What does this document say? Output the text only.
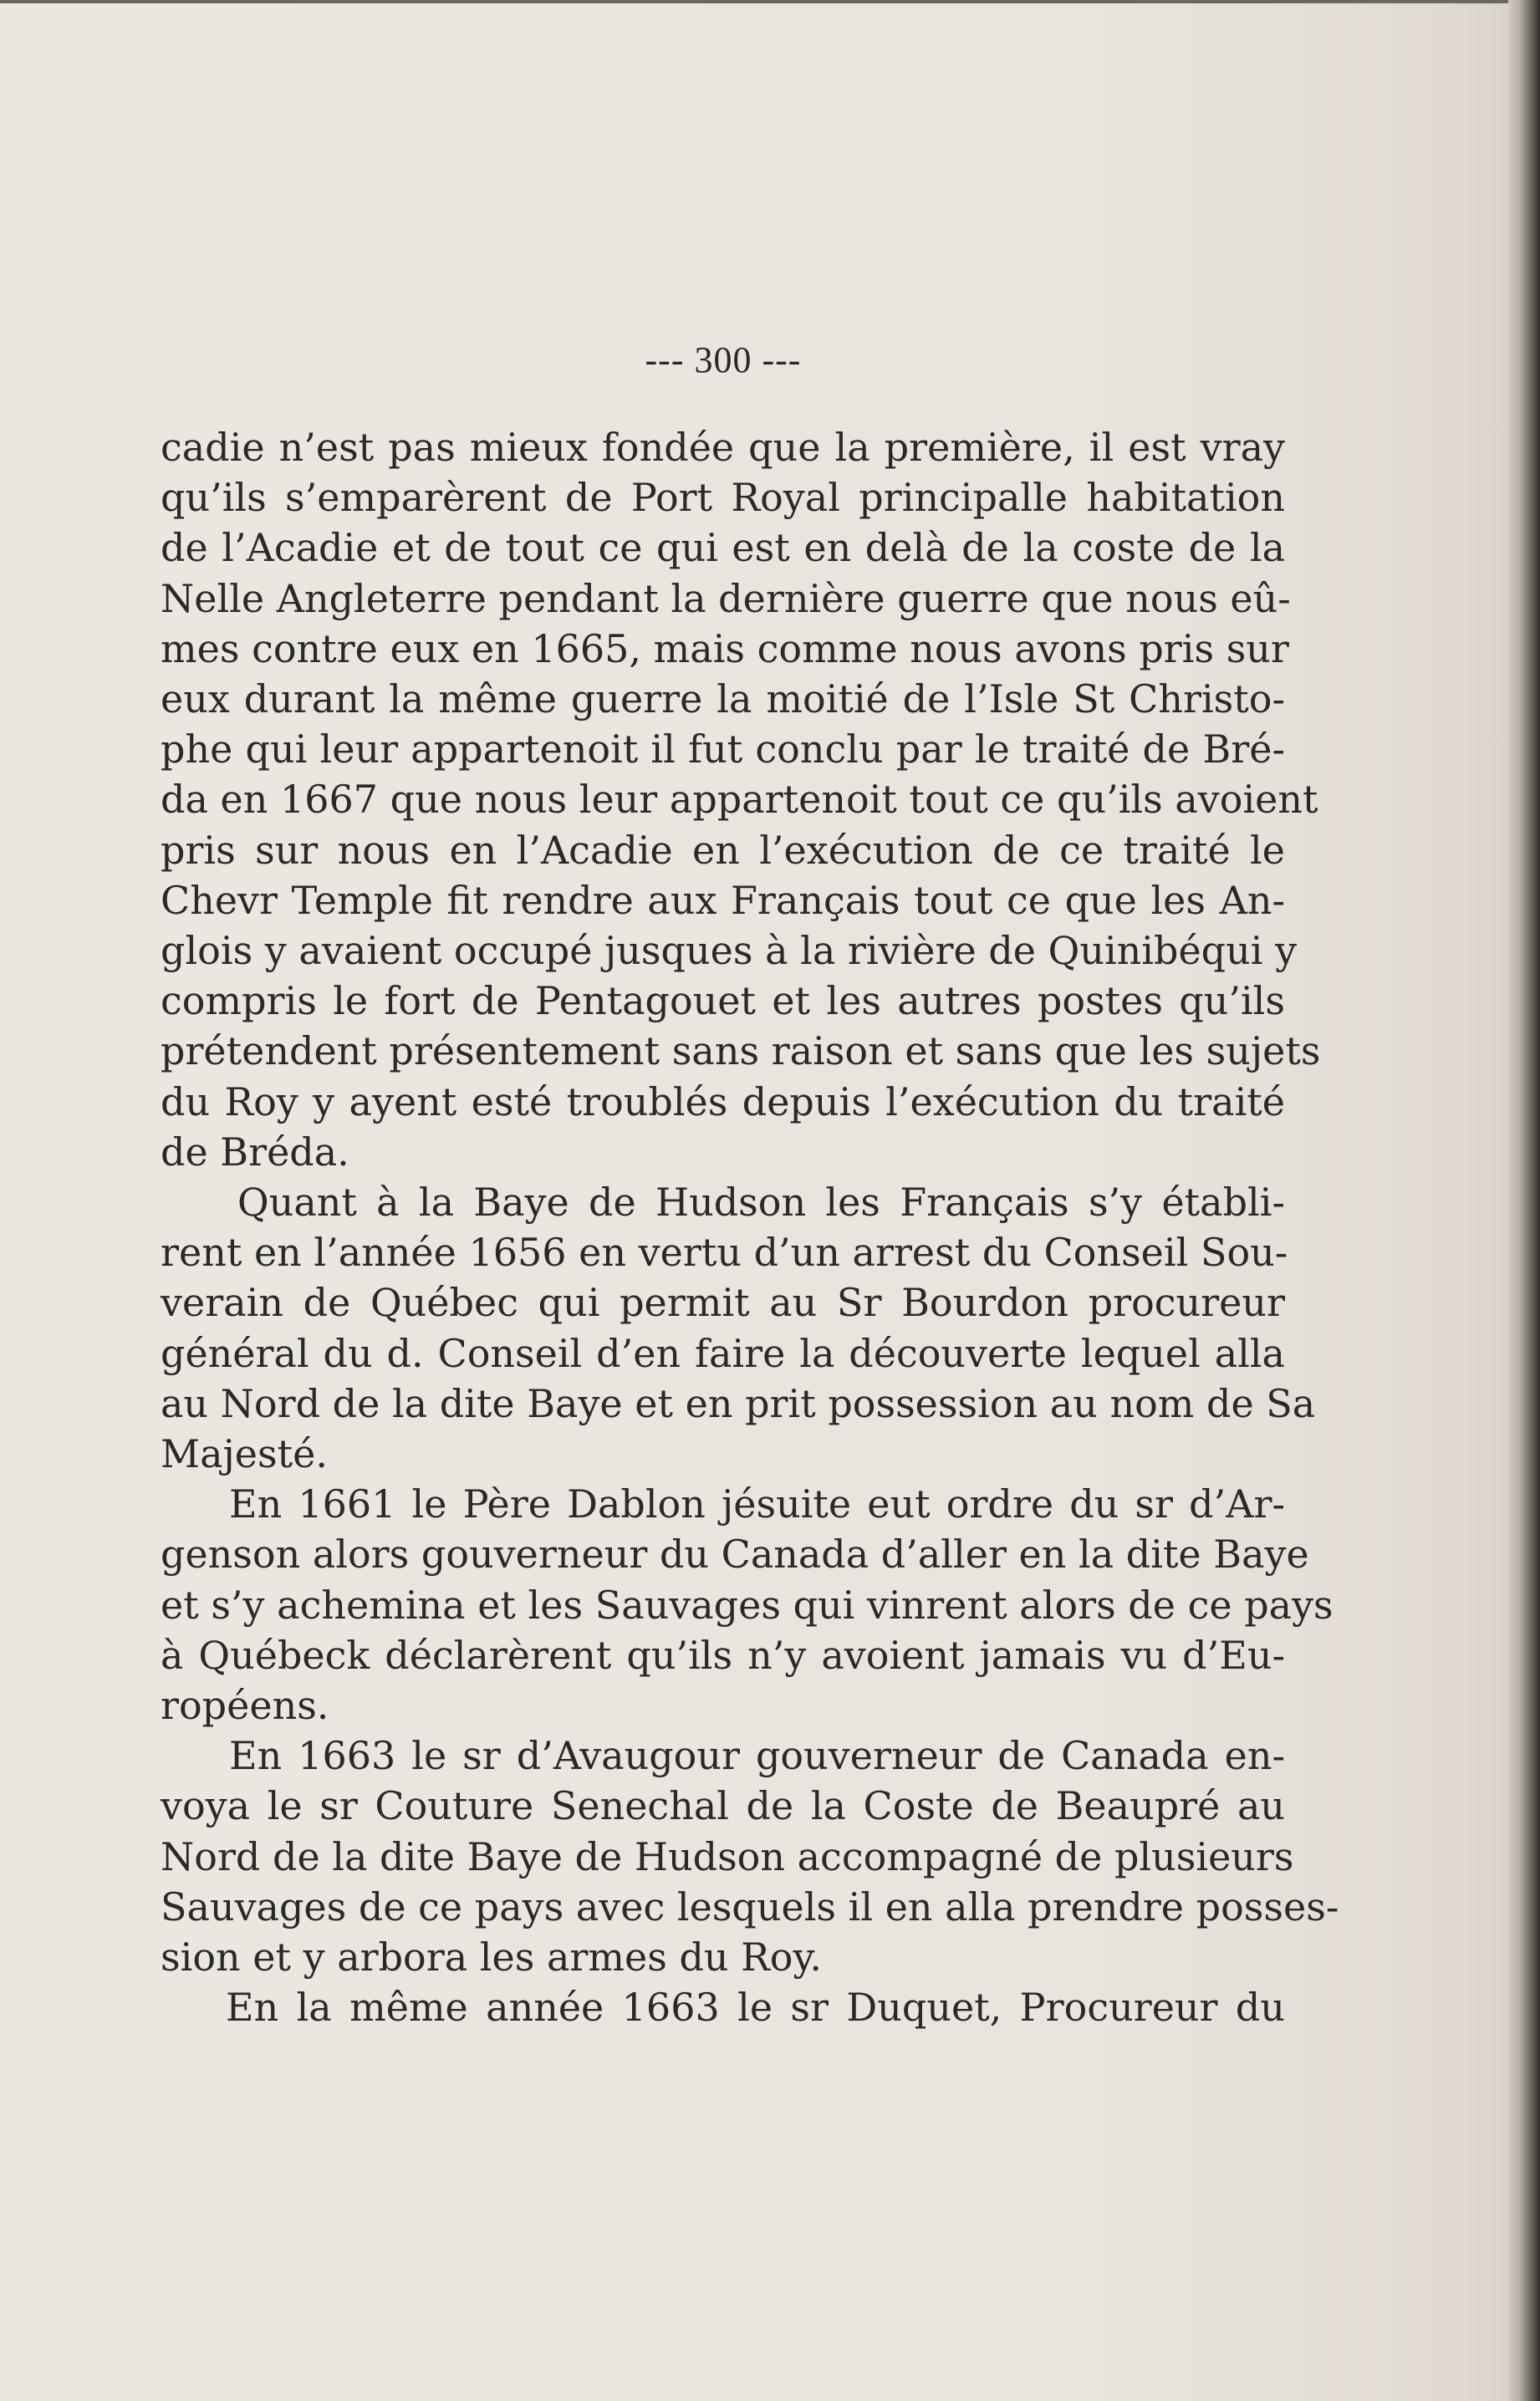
--- 300 ---
cadie n’est pas mieux fondée que la première, il est vray
qu’ils s’emparèrent de Port Royal principalle habitation
de l’Acadie et de tout ce qui est en delà de la coste de la
Nelle Angleterre pendant la dernière guerre que nous eû-
mes contre eux en 1665, mais comme nous avons pris sur
eux durant la même guerre la moitié de l’Isle St Christo-
phe qui leur appartenoit il fut conclu par le traité de Bré-
da en 1667 que nous leur appartenoit tout ce qu’ils avoient
pris sur nous en l’Acadie en l’exécution de ce traité le
Chevr Temple fit rendre aux Français tout ce que les An-
glois y avaient occupé jusques à la rivière de Quinibéqui y
compris le fort de Pentagouet et les autres postes qu’ils
prétendent présentement sans raison et sans que les sujets
du Roy y ayent esté troublés depuis l’exécution du traité
de Bréda.
Quant à la Baye de Hudson les Français s’y établi-
rent en l’année 1656 en vertu d’un arrest du Conseil Sou-
verain de Québec qui permit au Sr Bourdon procureur
général du d. Conseil d’en faire la découverte lequel alla
au Nord de la dite Baye et en prit possession au nom de Sa
Majesté.
En 1661 le Père Dablon jésuite eut ordre du sr d’Ar-
genson alors gouverneur du Canada d’aller en la dite Baye
et s’y achemina et les Sauvages qui vinrent alors de ce pays
à Québeck déclarèrent qu’ils n’y avoient jamais vu d’Eu-
ropéens.
En 1663 le sr d’Avaugour gouverneur de Canada en-
voya le sr Couture Senechal de la Coste de Beaupré au
Nord de la dite Baye de Hudson accompagné de plusieurs
Sauvages de ce pays avec lesquels il en alla prendre posses-
sion et y arbora les armes du Roy.
En la même année 1663 le sr Duquet, Procureur du
